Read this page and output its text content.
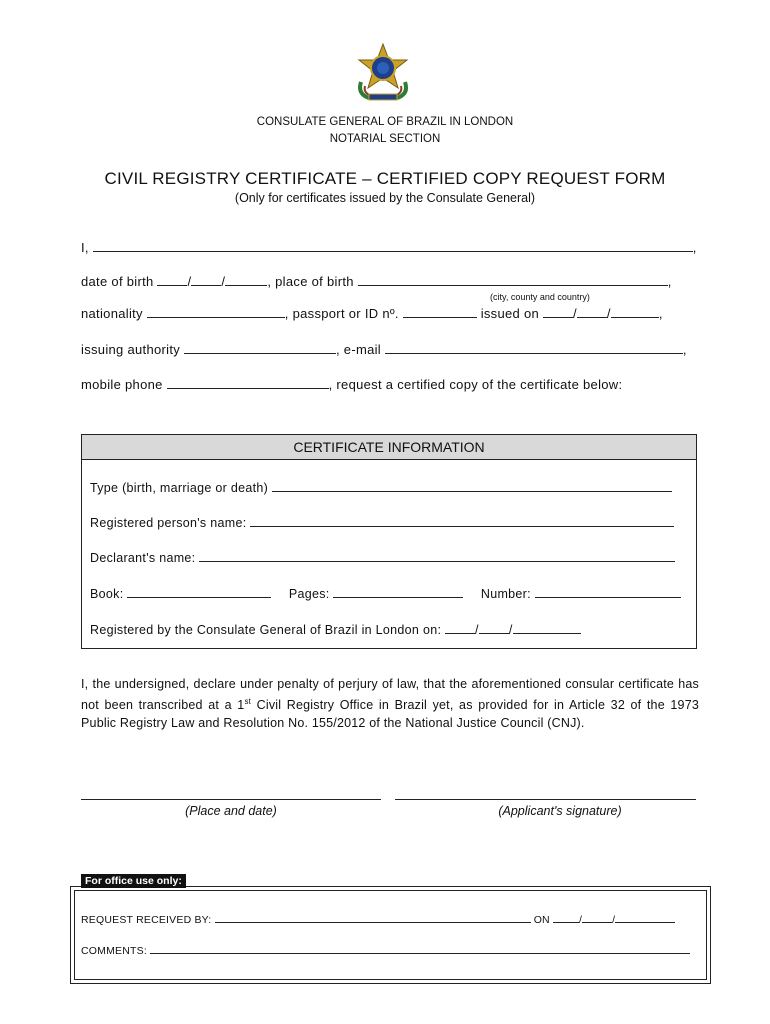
CONSULATE GENERAL OF BRAZIL IN LONDON
NOTARIAL SECTION
CIVIL REGISTRY CERTIFICATE – CERTIFIED COPY REQUEST FORM
(Only for certificates issued by the Consulate General)
I,	,
date of birth	/ /	, place of birth	,
(city, county and country)
nationality	, passport or ID nº.	issued on	/ /	,
issuing authority	, e-mail	,
mobile phone	, request a certified copy of the certificate below:
CERTIFICATE INFORMATION
Type (birth, marriage or death)
Registered person's name:
Declarant's name:
Book:	Pages:	Number:
Registered by the Consulate General of Brazil in London on:	/ /
I, the undersigned, declare under penalty of perjury of law, that the aforementioned consular certificate has not been transcribed at a 1st Civil Registry Office in Brazil yet, as provided for in Article 32 of the 1973 Public Registry Law and Resolution No. 155/2012 of the National Justice Council (CNJ).
(Place and date)	(Applicant's signature)
For office use only:
REQUEST RECEIVED BY:	ON	/	/
COMMENTS:
